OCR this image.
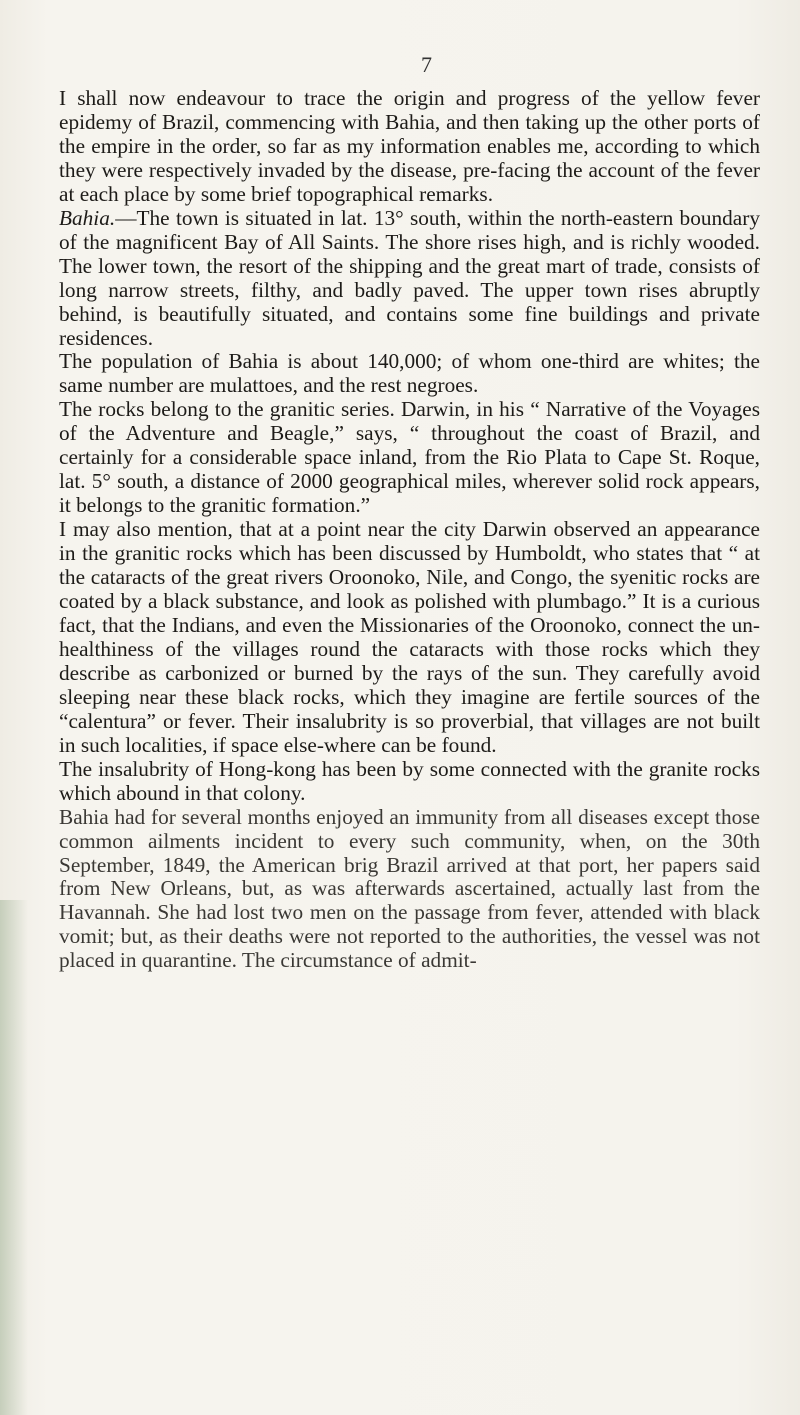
7

I shall now endeavour to trace the origin and progress of the yellow fever epidemy of Brazil, commencing with Bahia, and then taking up the other ports of the empire in the order, so far as my information enables me, according to which they were respectively invaded by the disease, pre-facing the account of the fever at each place by some brief topographical remarks.

Bahia.—The town is situated in lat. 13° south, within the north-eastern boundary of the magnificent Bay of All Saints. The shore rises high, and is richly wooded. The lower town, the resort of the shipping and the great mart of trade, consists of long narrow streets, filthy, and badly paved. The upper town rises abruptly behind, is beautifully situated, and contains some fine buildings and private residences.

The population of Bahia is about 140,000; of whom one-third are whites; the same number are mulattoes, and the rest negroes.

The rocks belong to the granitic series. Darwin, in his “ Narrative of the Voyages of the Adventure and Beagle,” says, “ throughout the coast of Brazil, and certainly for a considerable space inland, from the Rio Plata to Cape St. Roque, lat. 5° south, a distance of 2000 geographical miles, wherever solid rock appears, it belongs to the granitic formation.”

I may also mention, that at a point near the city Darwin observed an appearance in the granitic rocks which has been discussed by Humboldt, who states that “ at the cataracts of the great rivers Oroonoko, Nile, and Congo, the syenitic rocks are coated by a black substance, and look as polished with plumbago.” It is a curious fact, that the Indians, and even the Missionaries of the Oroonoko, connect the un-healthiness of the villages round the cataracts with those rocks which they describe as carbonized or burned by the rays of the sun. They carefully avoid sleeping near these black rocks, which they imagine are fertile sources of the “calentura” or fever. Their insalubrity is so proverbial, that villages are not built in such localities, if space else-where can be found.

The insalubrity of Hong-kong has been by some connected with the granite rocks which abound in that colony.

Bahia had for several months enjoyed an immunity from all diseases except those common ailments incident to every such community, when, on the 30th September, 1849, the American brig Brazil arrived at that port, her papers said from New Orleans, but, as was afterwards ascertained, actually last from the Havannah. She had lost two men on the passage from fever, attended with black vomit; but, as their deaths were not reported to the authorities, the vessel was not placed in quarantine. The circumstance of admit-
